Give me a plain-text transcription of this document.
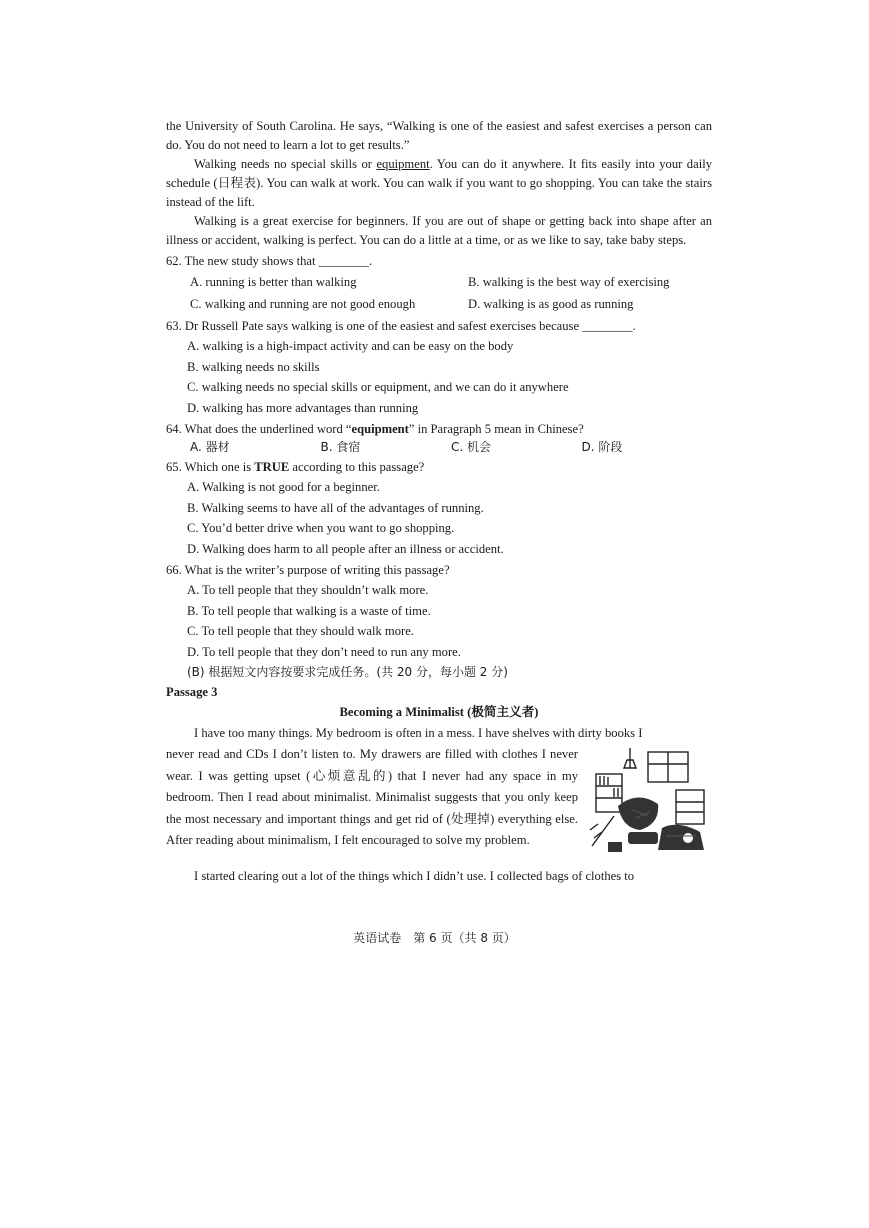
the University of South Carolina. He says, “Walking is one of the easiest and safest exercises a person can do. You do not need to learn a lot to get results.”

Walking needs no special skills or equipment. You can do it anywhere. It fits easily into your daily schedule (日程表). You can walk at work. You can walk if you want to go shopping. You can take the stairs instead of the lift.

Walking is a great exercise for beginners. If you are out of shape or getting back into shape after an illness or accident, walking is perfect. You can do a little at a time, or as we like to say, take baby steps.

62. The new study shows that ________.
A. running is better than walking	B. walking is the best way of exercising
C. walking and running are not good enough	D. walking is as good as running
63. Dr Russell Pate says walking is one of the easiest and safest exercises because ________.
A. walking is a high-impact activity and can be easy on the body
B. walking needs no skills
C. walking needs no special skills or equipment, and we can do it anywhere
D. walking has more advantages than running
64. What does the underlined word “equipment” in Paragraph 5 mean in Chinese?
A. 器材	B. 食宿	C. 机会	D. 阶段
65. Which one is TRUE according to this passage?
A. Walking is not good for a beginner.
B. Walking seems to have all of the advantages of running.
C. You’d better drive when you want to go shopping.
D. Walking does harm to all people after an illness or accident.
66. What is the writer’s purpose of writing this passage?
A. To tell people that they shouldn’t walk more.
B. To tell people that walking is a waste of time.
C. To tell people that they should walk more.
D. To tell people that they don’t need to run any more.
(B) 根据短文内容按要求完成任务。(共 20 分，每小题 2 分)
Passage 3
Becoming a Minimalist (极简主义者)

I have too many things. My bedroom is often in a mess. I have shelves with dirty books I

never read and CDs I don’t listen to. My drawers are filled with clothes I never wear. I was getting upset (心烦意乱的) that I never had any space in my bedroom. Then I read about minimalist. Minimalist suggests that you only keep the most necessary and important things and get rid of (处理掉) everything else. After reading about minimalism, I felt encouraged to solve my problem.

I started clearing out a lot of the things which I didn’t use. I collected bags of clothes to

英语试卷　第 6 页（共 8 页）
